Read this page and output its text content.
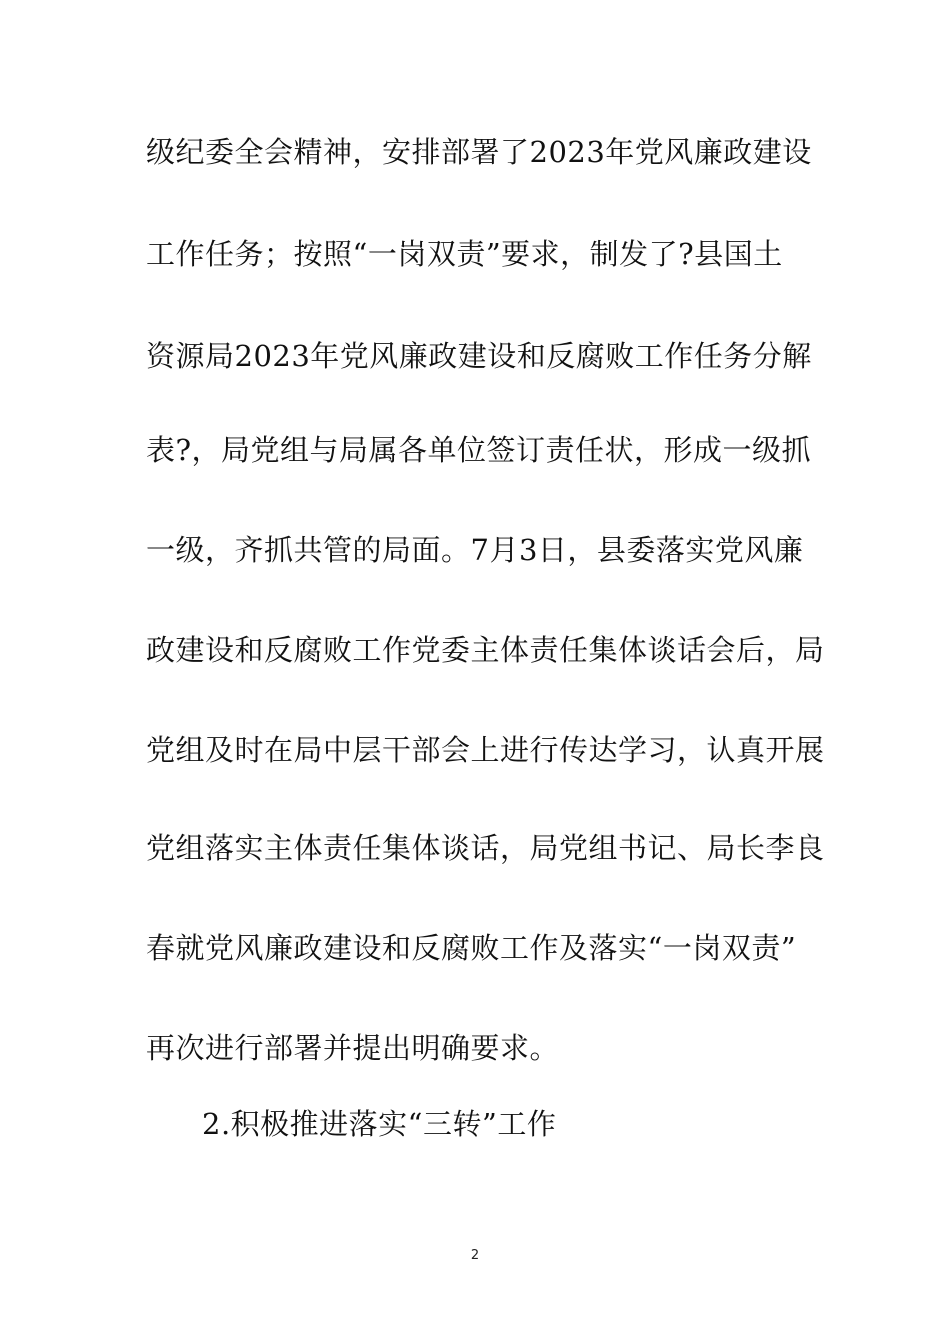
级纪委全会精神，安排部署了2023年党风廉政建设
工作任务；按照“一岗双责”要求，制发了?县国土
资源局2023年党风廉政建设和反腐败工作任务分解
表?，局党组与局属各单位签订责任状，形成一级抓
一级，齐抓共管的局面。7月3日，县委落实党风廉
政建设和反腐败工作党委主体责任集体谈话会后，局
党组及时在局中层干部会上进行传达学习，认真开展
党组落实主体责任集体谈话，局党组书记、局长李良
春就党风廉政建设和反腐败工作及落实“一岗双责”
再次进行部署并提出明确要求。
2.积极推进落实“三转”工作
2
